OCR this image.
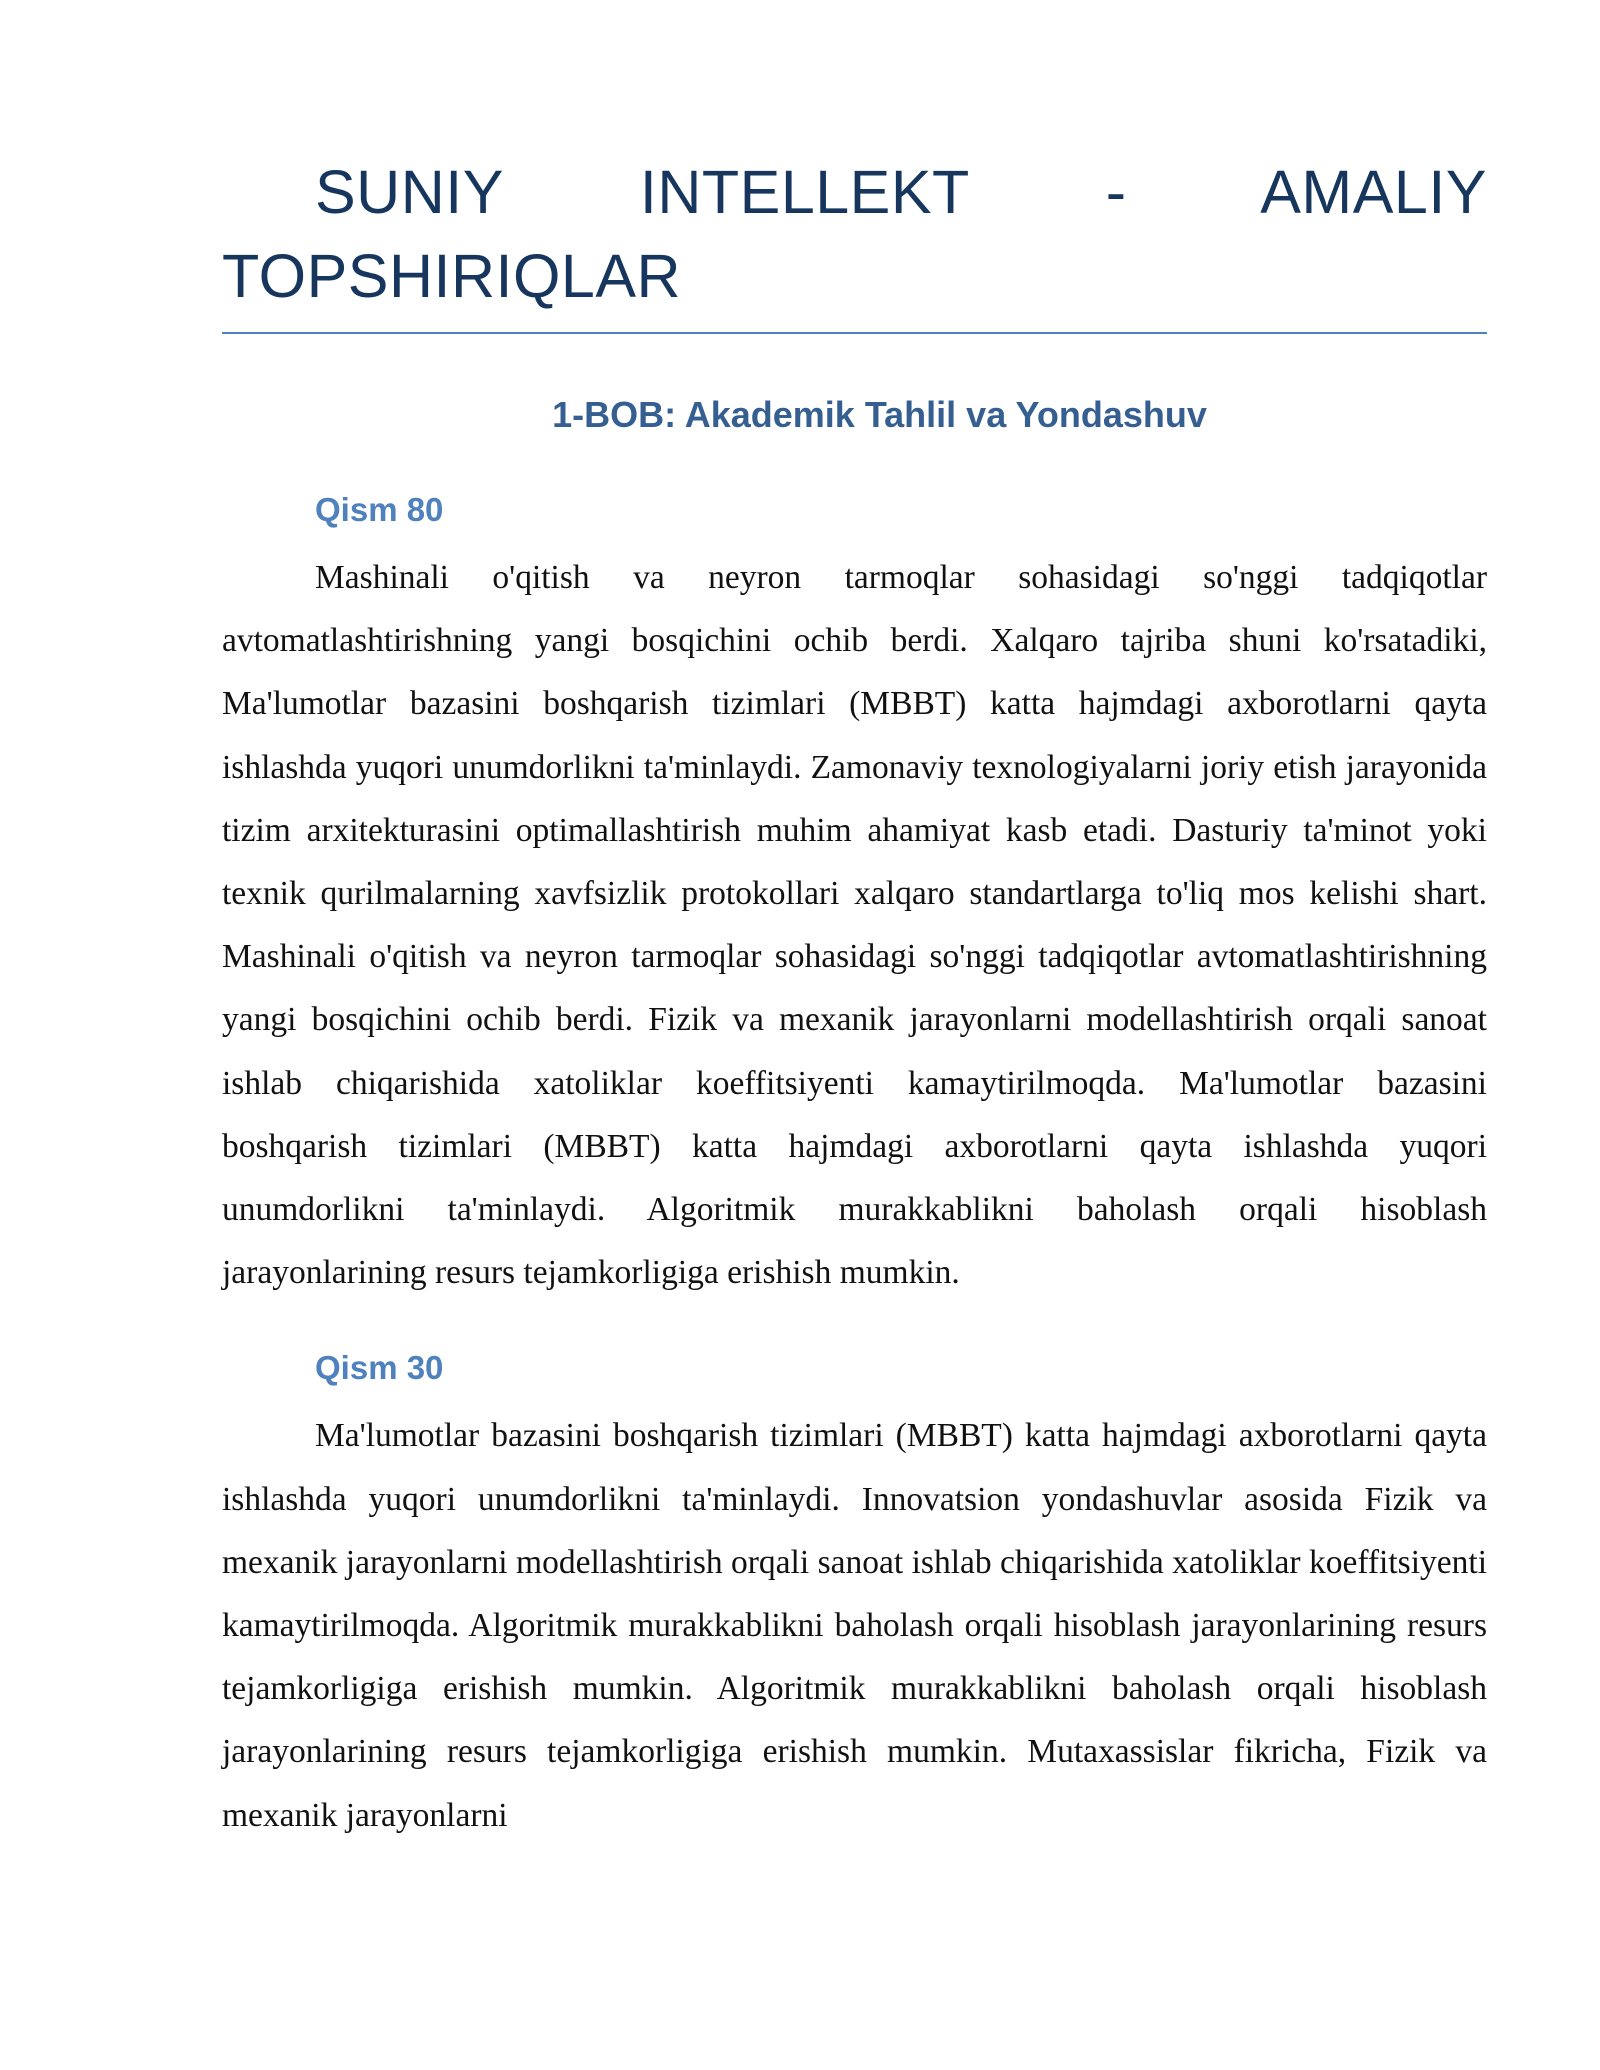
SUNIY INTELLEKT - AMALIY TOPSHIRIQLAR
1-BOB: Akademik Tahlil va Yondashuv
Qism 80

Mashinali o'qitish va neyron tarmoqlar sohasidagi so'nggi tadqiqotlar avtomatlashtirishning yangi bosqichini ochib berdi. Xalqaro tajriba shuni ko'rsatadiki, Ma'lumotlar bazasini boshqarish tizimlari (MBBT) katta hajmdagi axborotlarni qayta ishlashda yuqori unumdorlikni ta'minlaydi. Zamonaviy texnologiyalarni joriy etish jarayonida tizim arxitekturasini optimallashtirish muhim ahamiyat kasb etadi. Dasturiy ta'minot yoki texnik qurilmalarning xavfsizlik protokollari xalqaro standartlarga to'liq mos kelishi shart. Mashinali o'qitish va neyron tarmoqlar sohasidagi so'nggi tadqiqotlar avtomatlashtirishning yangi bosqichini ochib berdi. Fizik va mexanik jarayonlarni modellashtirish orqali sanoat ishlab chiqarishida xatoliklar koeffitsiyenti kamaytirilmoqda. Ma'lumotlar bazasini boshqarish tizimlari (MBBT) katta hajmdagi axborotlarni qayta ishlashda yuqori unumdorlikni ta'minlaydi. Algoritmik murakkablikni baholash orqali hisoblash jarayonlarining resurs tejamkorligiga erishish mumkin.

Qism 30

Ma'lumotlar bazasini boshqarish tizimlari (MBBT) katta hajmdagi axborotlarni qayta ishlashda yuqori unumdorlikni ta'minlaydi. Innovatsion yondashuvlar asosida Fizik va mexanik jarayonlarni modellashtirish orqali sanoat ishlab chiqarishida xatoliklar koeffitsiyenti kamaytirilmoqda. Algoritmik murakkablikni baholash orqali hisoblash jarayonlarining resurs tejamkorligiga erishish mumkin. Algoritmik murakkablikni baholash orqali hisoblash jarayonlarining resurs tejamkorligiga erishish mumkin. Mutaxassislar fikricha, Fizik va mexanik jarayonlarni
